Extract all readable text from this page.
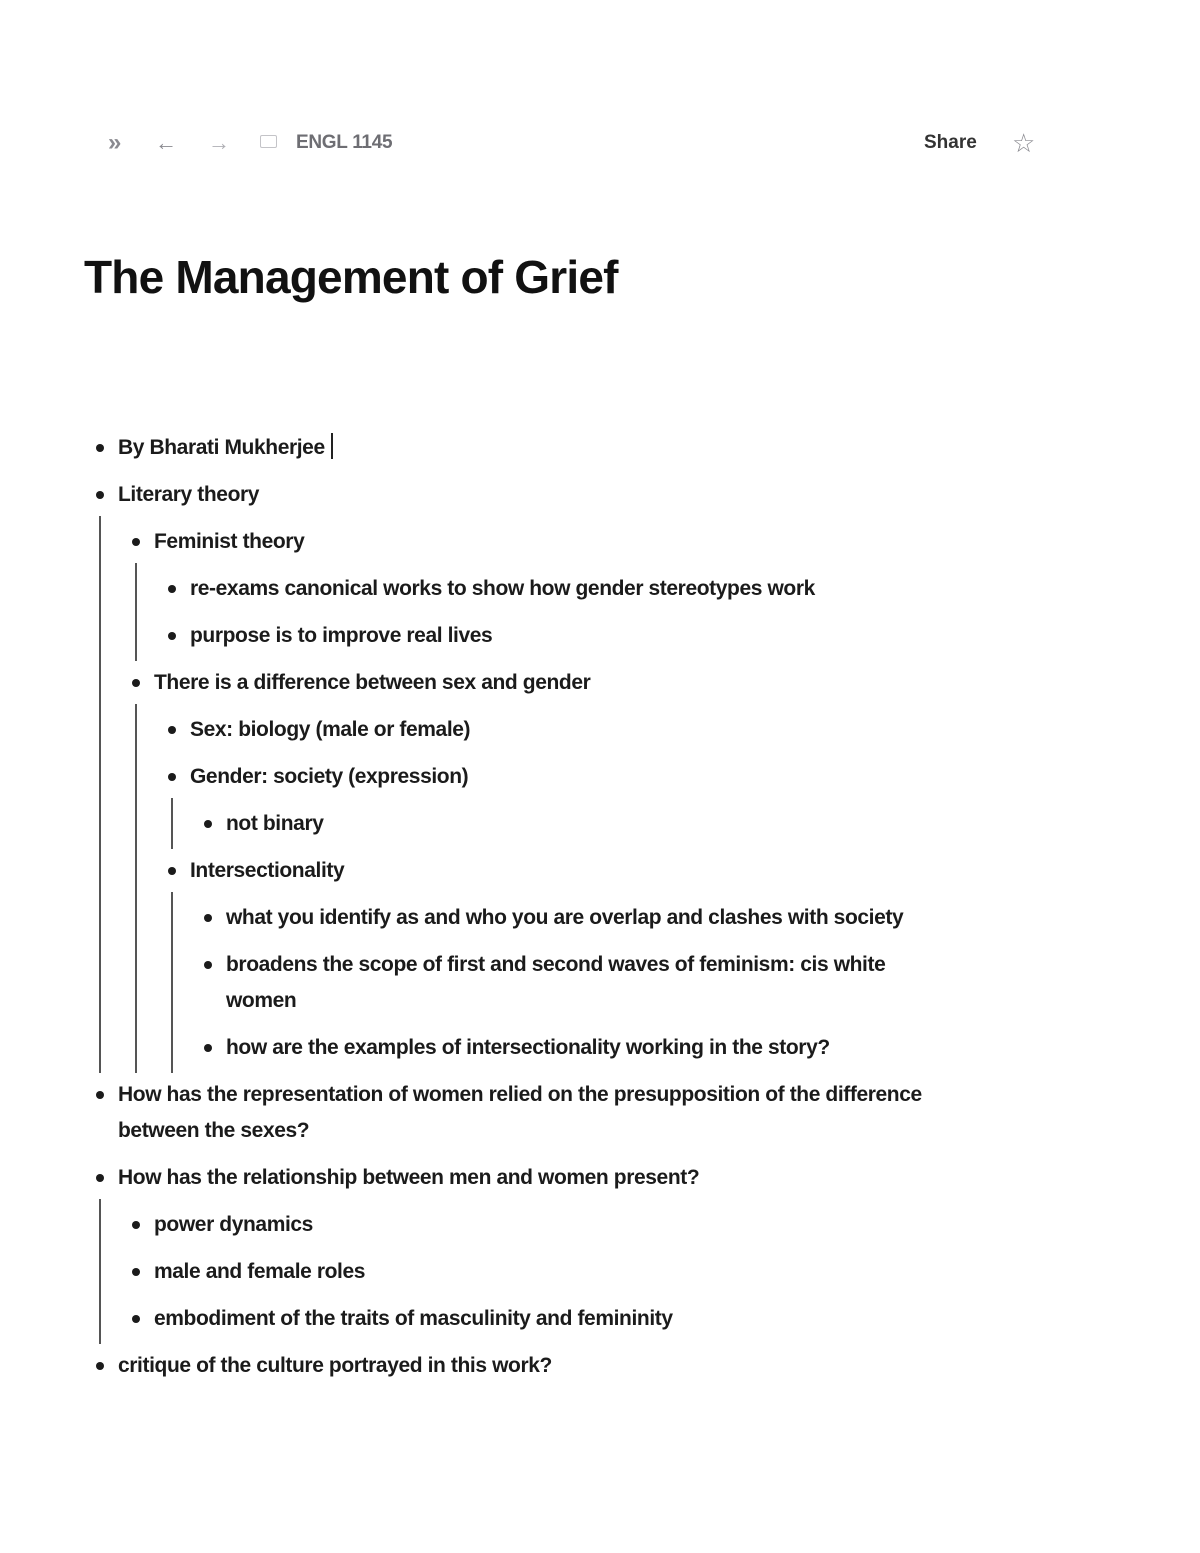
» ← →	ENGL 1145	Share ☆
The Management of Grief
By Bharati Mukherjee
Literary theory
Feminist theory
re-exams canonical works to show how gender stereotypes work
purpose is to improve real lives
There is a difference between sex and gender
Sex: biology (male or female)
Gender: society (expression)
not binary
Intersectionality
what you identify as and who you are overlap and clashes with society
broadens the scope of first and second waves of feminism: cis white women
how are the examples of intersectionality working in the story?
How has the representation of women relied on the presupposition of the difference between the sexes?
How has the relationship between men and women present?
power dynamics
male and female roles
embodiment of the traits of masculinity and femininity
critique of the culture portrayed in this work?
